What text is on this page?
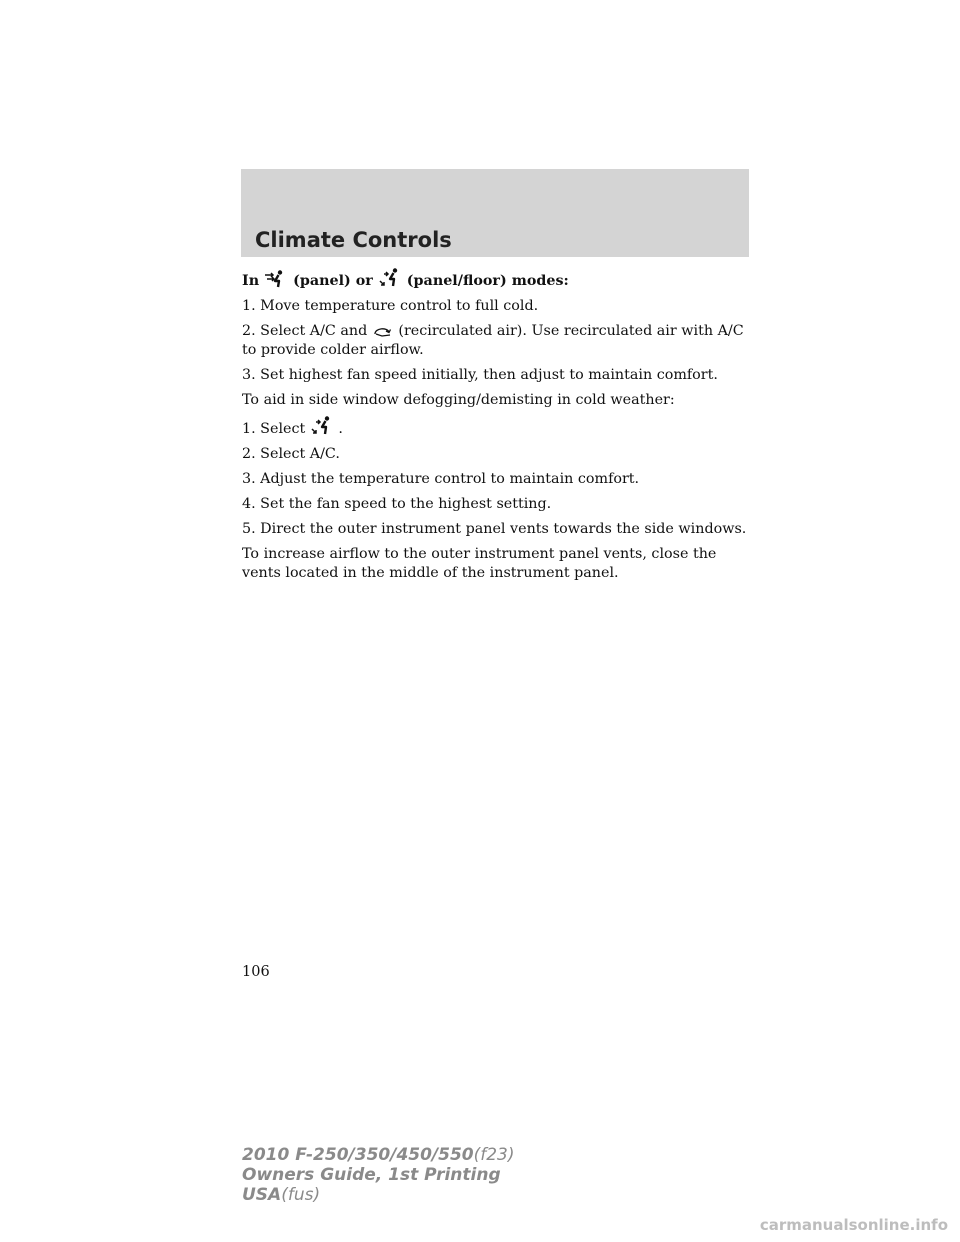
Climate Controls

In (panel) or (panel/floor) modes:

1. Move temperature control to full cold.

2. Select A/C and (recirculated air). Use recirculated air with A/C to provide colder airflow.

3. Set highest fan speed initially, then adjust to maintain comfort.

To aid in side window defogging/demisting in cold weather:

1. Select .

2. Select A/C.

3. Adjust the temperature control to maintain comfort.

4. Set the fan speed to the highest setting.

5. Direct the outer instrument panel vents towards the side windows.

To increase airflow to the outer instrument panel vents, close the vents located in the middle of the instrument panel.

106
2010 F-250/350/450/550(f23)
Owners Guide, 1st Printing
USA(fus)
carmanualsonline.info
